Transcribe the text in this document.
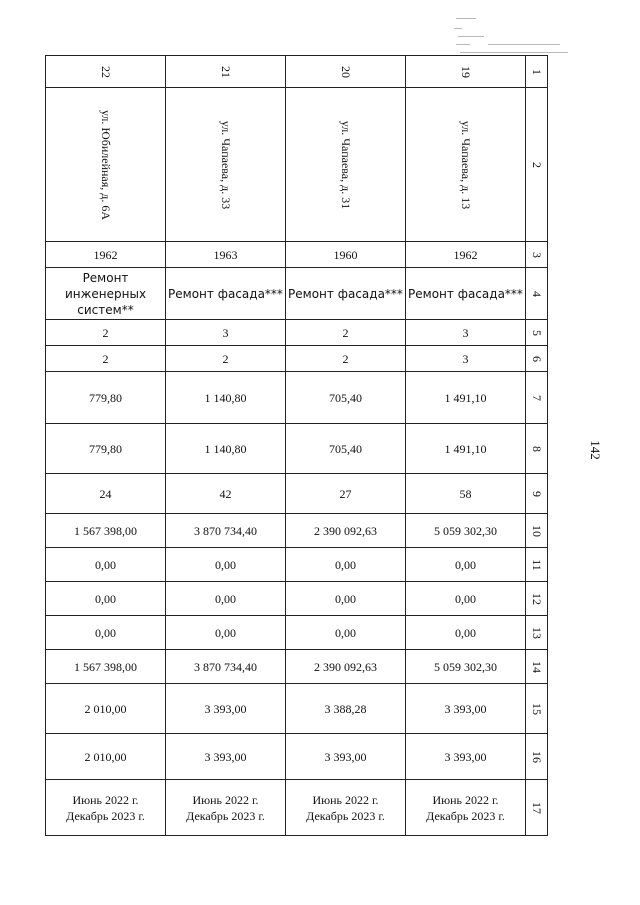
142
22	21	20	19	1

ул. Юбилейная, д. 6А	ул. Чапаева, д. 33	ул. Чапаева, д. 31	ул. Чапаева, д. 13	2
1962	1963	1960	1962	3
Ремонт инженерных систем**	Ремонт фасада***	Ремонт фасада***	Ремонт фасада***	4
2	3	2	3	5
2	2	2	3	6
779,80	1 140,80	705,40	1 491,10	7
779,80	1 140,80	705,40	1 491,10	8
24	42	27	58	9
1 567 398,00	3 870 734,40	2 390 092,63	5 059 302,30	10
0,00	0,00	0,00	0,00	11
0,00	0,00	0,00	0,00	12
0,00	0,00	0,00	0,00	13
1 567 398,00	3 870 734,40	2 390 092,63	5 059 302,30	14
2 010,00	3 393,00	3 388,28	3 393,00	15
2 010,00	3 393,00	3 393,00	3 393,00	16
Июнь 2022 г.
Декабрь 2023 г.	Июнь 2022 г.
Декабрь 2023 г.	Июнь 2022 г.
Декабрь 2023 г.	Июнь 2022 г.
Декабрь 2023 г.	17
